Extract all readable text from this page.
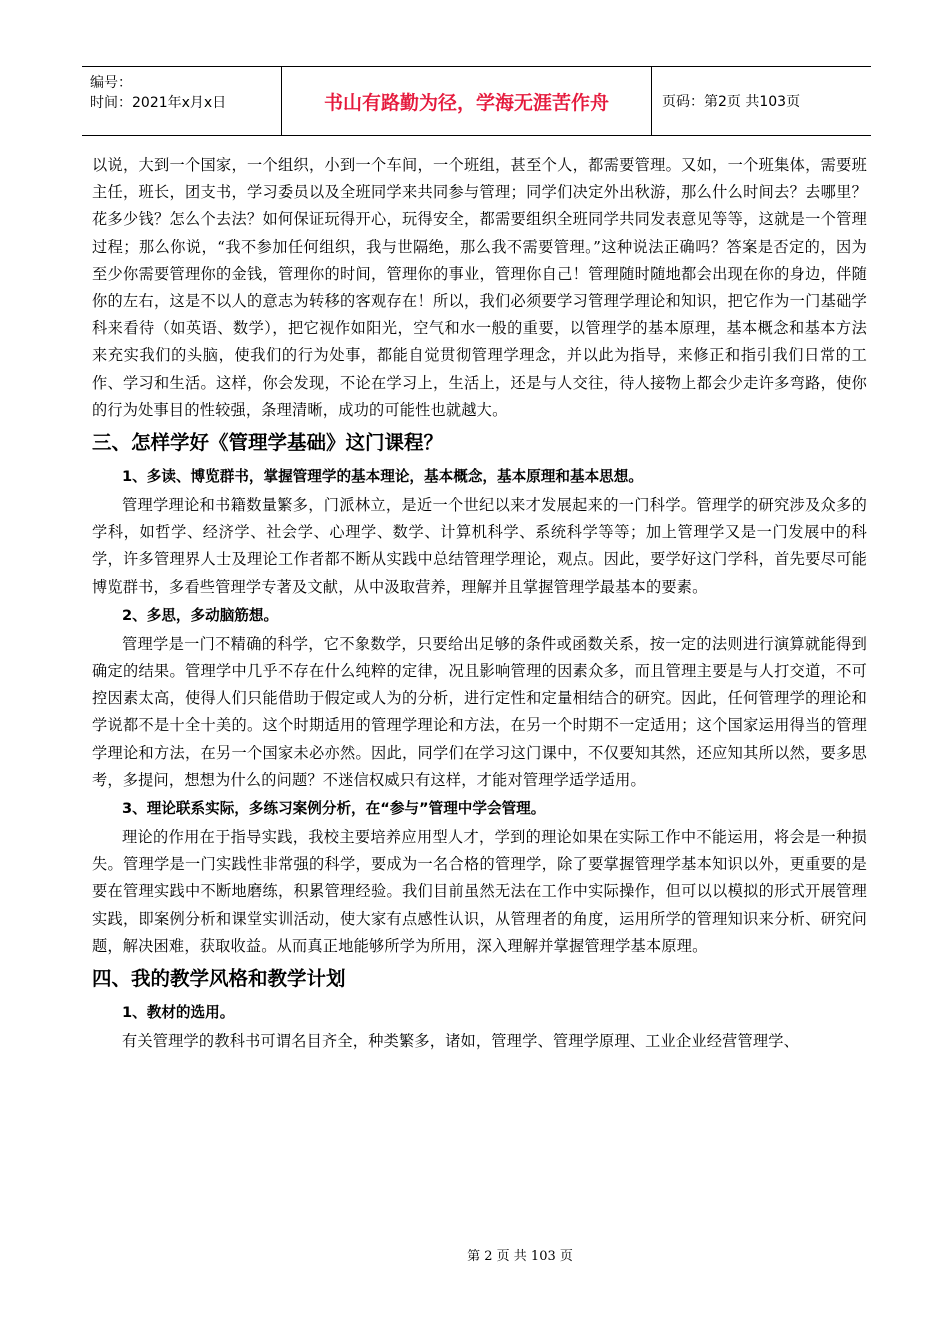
编号：
时间：2021年x月x日	书山有路勤为径，学海无涯苦作舟	页码：第2页 共103页

以说，大到一个国家，一个组织，小到一个车间，一个班组，甚至个人，都需要管理。又如，一个班集体，需要班主任，班长，团支书，学习委员以及全班同学来共同参与管理；同学们决定外出秋游，那么什么时间去？去哪里？花多少钱？怎么个去法？如何保证玩得开心，玩得安全，都需要组织全班同学共同发表意见等等，这就是一个管理过程；那么你说，“我不参加任何组织，我与世隔绝，那么我不需要管理。”这种说法正确吗？答案是否定的，因为至少你需要管理你的金钱，管理你的时间，管理你的事业，管理你自己！管理随时随地都会出现在你的身边，伴随你的左右，这是不以人的意志为转移的客观存在！所以，我们必须要学习管理学理论和知识，把它作为一门基础学科来看待（如英语、数学），把它视作如阳光，空气和水一般的重要，以管理学的基本原理，基本概念和基本方法来充实我们的头脑，使我们的行为处事，都能自觉贯彻管理学理念，并以此为指导，来修正和指引我们日常的工作、学习和生活。这样，你会发现，不论在学习上，生活上，还是与人交往，待人接物上都会少走许多弯路，使你的行为处事目的性较强，条理清晰，成功的可能性也就越大。

三、怎样学好《管理学基础》这门课程？

1、多读、博览群书，掌握管理学的基本理论，基本概念，基本原理和基本思想。

管理学理论和书籍数量繁多，门派林立，是近一个世纪以来才发展起来的一门科学。管理学的研究涉及众多的学科，如哲学、经济学、社会学、心理学、数学、计算机科学、系统科学等等；加上管理学又是一门发展中的科学，许多管理界人士及理论工作者都不断从实践中总结管理学理论，观点。因此，要学好这门学科，首先要尽可能博览群书，多看些管理学专著及文献，从中汲取营养，理解并且掌握管理学最基本的要素。

2、多思，多动脑筋想。

管理学是一门不精确的科学，它不象数学，只要给出足够的条件或函数关系，按一定的法则进行演算就能得到确定的结果。管理学中几乎不存在什么纯粹的定律，况且影响管理的因素众多，而且管理主要是与人打交道，不可控因素太高，使得人们只能借助于假定或人为的分析，进行定性和定量相结合的研究。因此，任何管理学的理论和学说都不是十全十美的。这个时期适用的管理学理论和方法，在另一个时期不一定适用；这个国家运用得当的管理学理论和方法，在另一个国家未必亦然。因此，同学们在学习这门课中，不仅要知其然，还应知其所以然，要多思考，多提问，想想为什么的问题？不迷信权威只有这样，才能对管理学适学适用。

3、理论联系实际，多练习案例分析，在“参与”管理中学会管理。

理论的作用在于指导实践，我校主要培养应用型人才，学到的理论如果在实际工作中不能运用，将会是一种损失。管理学是一门实践性非常强的科学，要成为一名合格的管理学，除了要掌握管理学基本知识以外，更重要的是要在管理实践中不断地磨练，积累管理经验。我们目前虽然无法在工作中实际操作，但可以以模拟的形式开展管理实践，即案例分析和课堂实训活动，使大家有点感性认识，从管理者的角度，运用所学的管理知识来分析、研究问题，解决困难，获取收益。从而真正地能够所学为所用，深入理解并掌握管理学基本原理。

四、我的教学风格和教学计划

1、教材的选用。

有关管理学的教科书可谓名目齐全，种类繁多，诸如，管理学、管理学原理、工业企业经营管理学、

第 2 页 共 103 页
